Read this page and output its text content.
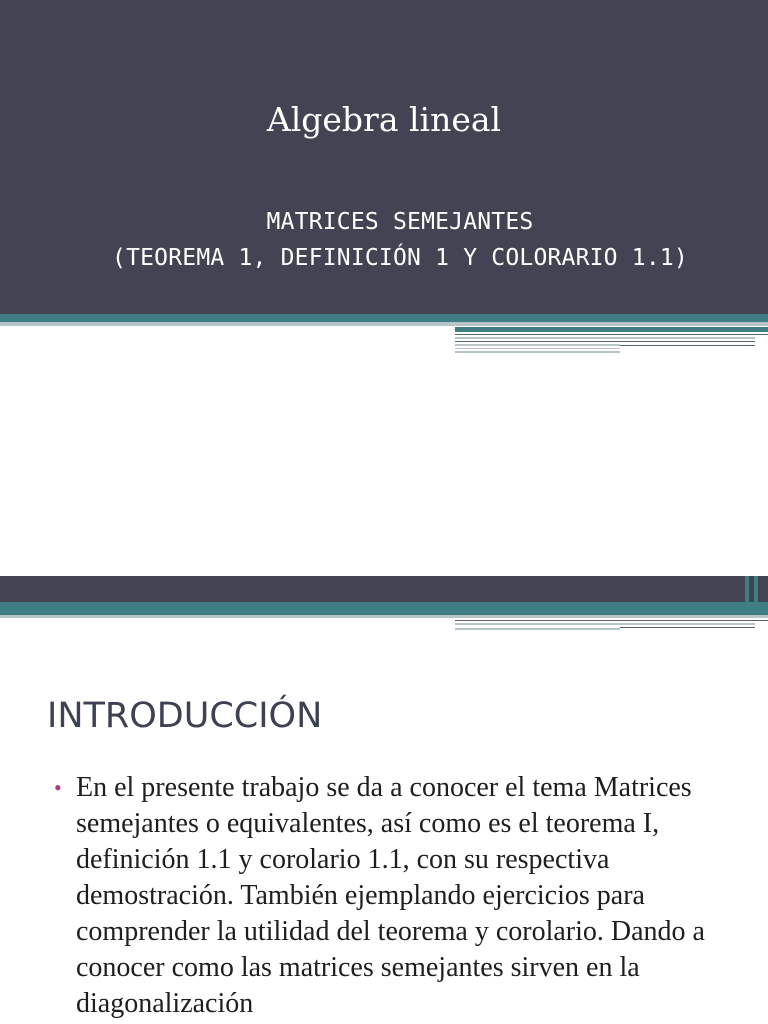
Algebra lineal
MATRICES SEMEJANTES
(TEOREMA 1, DEFINICIÓN 1 Y COLORARIO 1.1)
INTRODUCCIÓN
• En el presente trabajo se da a conocer el tema Matrices semejantes o equivalentes, así como es el teorema I, definición 1.1 y corolario 1.1, con su respectiva demostración. También ejemplando ejercicios para comprender la utilidad del teorema y corolario. Dando a conocer como las matrices semejantes sirven en la diagonalización
